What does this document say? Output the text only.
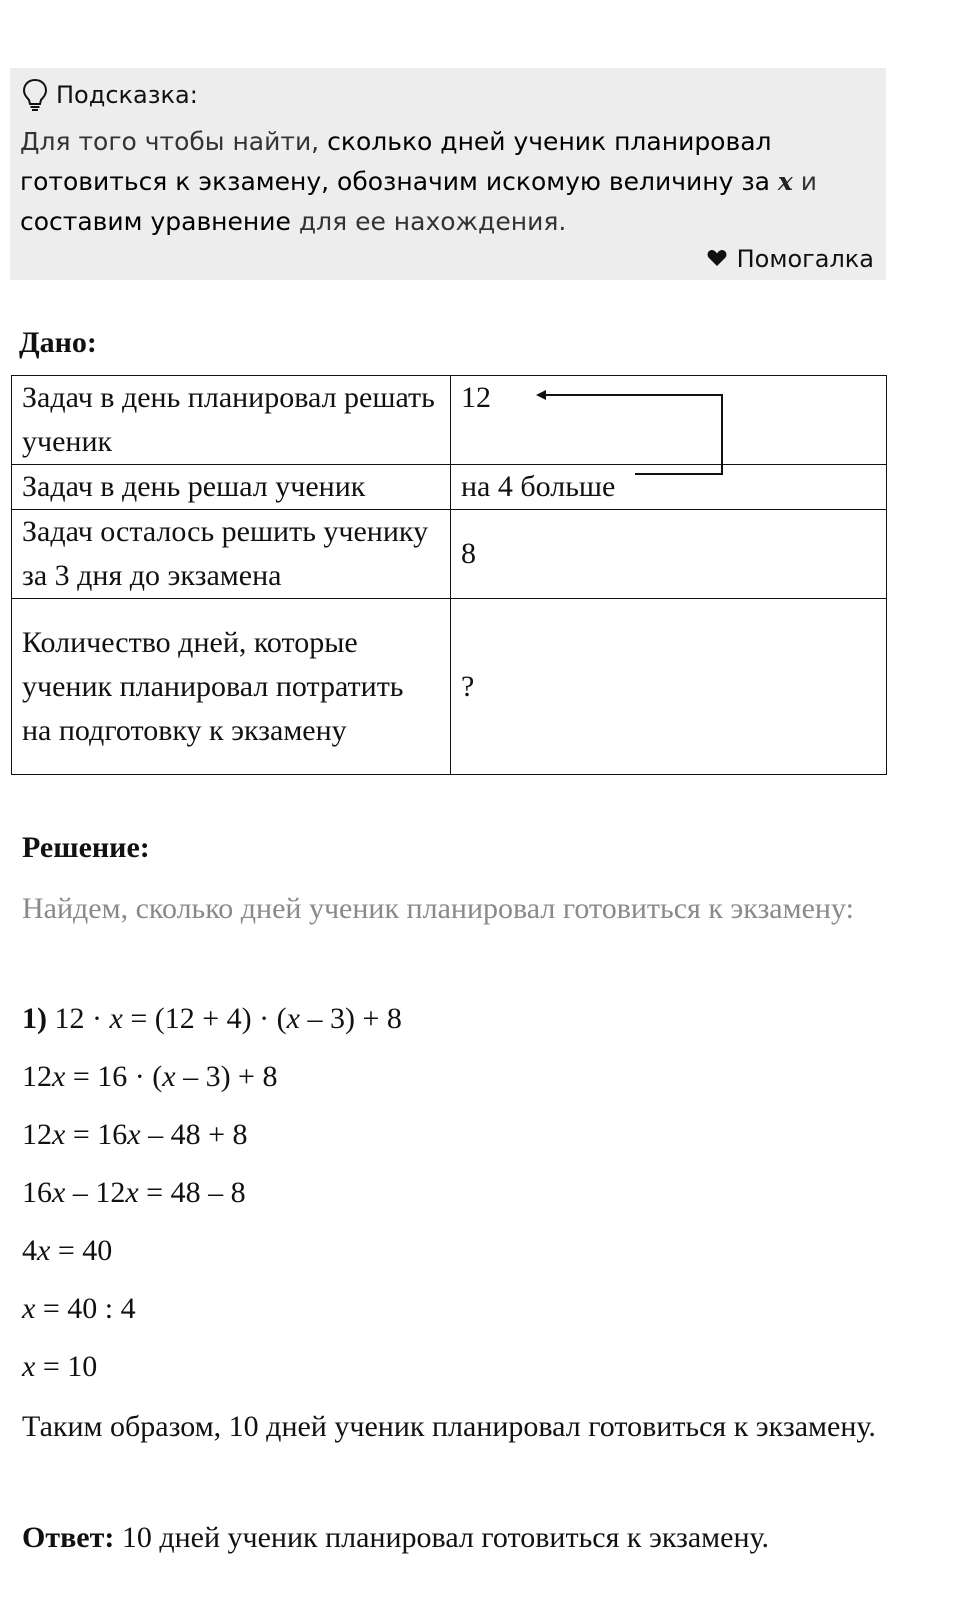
Подсказка:
Для того чтобы найти, сколько дней ученик планировал готовиться к экзамену, обозначим искомую величину за x и составим уравнение для ее нахождения.
Помогалка
Дано:
Задач в день планировал решать ученик	12
Задач в день решал ученик	на 4 больше
Задач осталось решить ученику за 3 дня до экзамена	8
Количество дней, которые ученик планировал потратить на подготовку к экзамену	?
Решение:
Найдем, сколько дней ученик планировал готовиться к экзамену:
1) 12 · x = (12 + 4) · (x – 3) + 8
12x = 16 · (x – 3) + 8
12x = 16x – 48 + 8
16x – 12x = 48 – 8
4x = 40
x = 40 : 4
x = 10
Таким образом, 10 дней ученик планировал готовиться к экзамену.
Ответ: 10 дней ученик планировал готовиться к экзамену.
